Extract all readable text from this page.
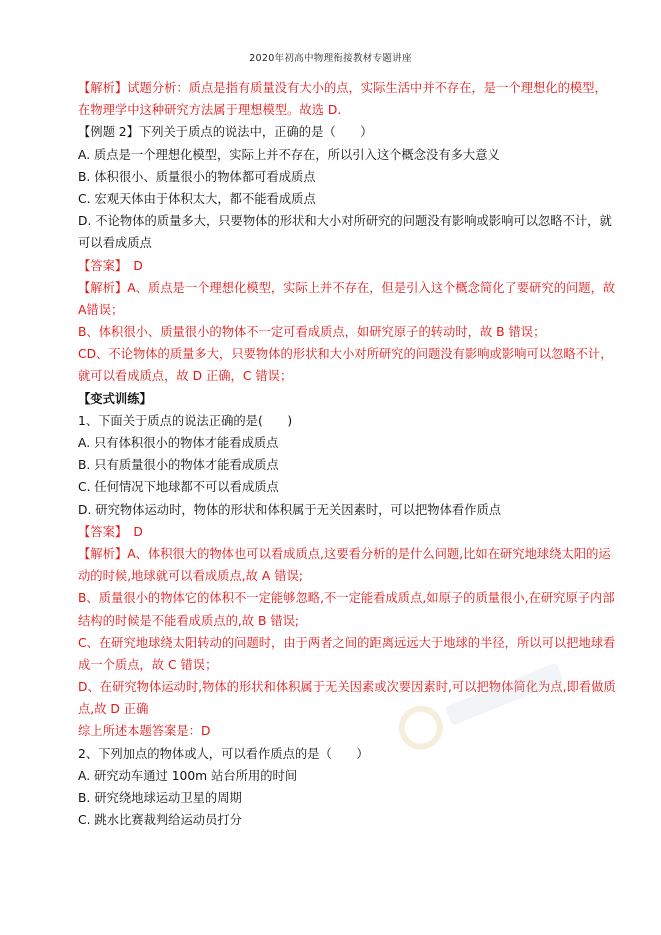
2020年初高中物理衔接教材专题讲座
【解析】试题分析：质点是指有质量没有大小的点，实际生活中并不存在，是一个理想化的模型，
在物理学中这种研究方法属于理想模型。故选 D.
【例题 2】下列关于质点的说法中，正确的是（　　）
A. 质点是一个理想化模型，实际上并不存在，所以引入这个概念没有多大意义
B. 体积很小、质量很小的物体都可看成质点
C. 宏观天体由于体积太大，都不能看成质点
D. 不论物体的质量多大，只要物体的形状和大小对所研究的问题没有影响或影响可以忽略不计，就
可以看成质点
【答案】　D
【解析】A、质点是一个理想化模型，实际上并不存在，但是引入这个概念简化了要研究的问题，故
A错误；
B、体积很小、质量很小的物体不一定可看成质点，如研究原子的转动时，故 B 错误；
CD、不论物体的质量多大，只要物体的形状和大小对所研究的问题没有影响或影响可以忽略不计，
就可以看成质点，故 D 正确，C 错误；
【变式训练】
1、下面关于质点的说法正确的是(　　)
A. 只有体积很小的物体才能看成质点
B. 只有质量很小的物体才能看成质点
C. 任何情况下地球都不可以看成质点
D. 研究物体运动时，物体的形状和体积属于无关因素时，可以把物体看作质点
【答案】　D
【解析】A、体积很大的物体也可以看成质点,这要看分析的是什么问题,比如在研究地球绕太阳的运
动的时候,地球就可以看成质点,故 A 错误;
B、质量很小的物体它的体积不一定能够忽略,不一定能看成质点,如原子的质量很小,在研究原子内部
结构的时候是不能看成质点的,故 B 错误;
C、在研究地球绕太阳转动的问题时，由于两者之间的距离远远大于地球的半径，所以可以把地球看
成一个质点，故 C 错误；
D、在研究物体运动时,物体的形状和体积属于无关因素或次要因素时,可以把物体简化为点,即看做质
点,故 D 正确
综上所述本题答案是：D
2、下列加点的物体或人，可以看作质点的是（　　）
A. 研究动车通过 100m 站台所用的时间
B. 研究绕地球运动卫星的周期
C. 跳水比赛裁判给运动员打分
